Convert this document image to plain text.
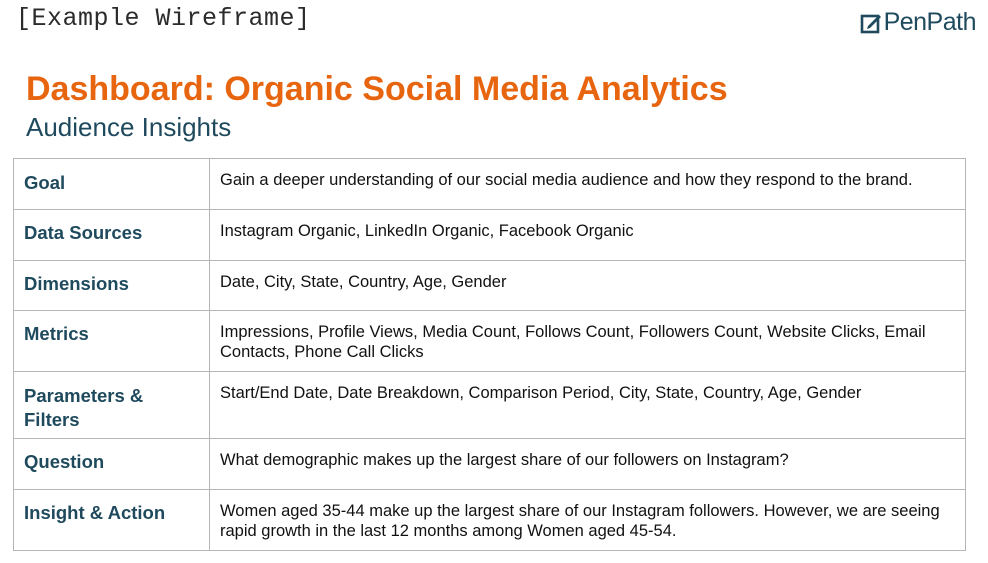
[Example Wireframe]	PenPath
Dashboard: Organic Social Media Analytics
Audience Insights
Goal	Gain a deeper understanding of our social media audience and how they respond to the brand.
Data Sources	Instagram Organic, LinkedIn Organic, Facebook Organic
Dimensions	Date, City, State, Country, Age, Gender
Metrics	Impressions, Profile Views, Media Count, Follows Count, Followers Count, Website Clicks, Email Contacts, Phone Call Clicks
Parameters & Filters	Start/End Date, Date Breakdown, Comparison Period, City, State, Country, Age, Gender
Question	What demographic makes up the largest share of our followers on Instagram?
Insight & Action	Women aged 35-44 make up the largest share of our Instagram followers. However, we are seeing rapid growth in the last 12 months among Women aged 45-54.
